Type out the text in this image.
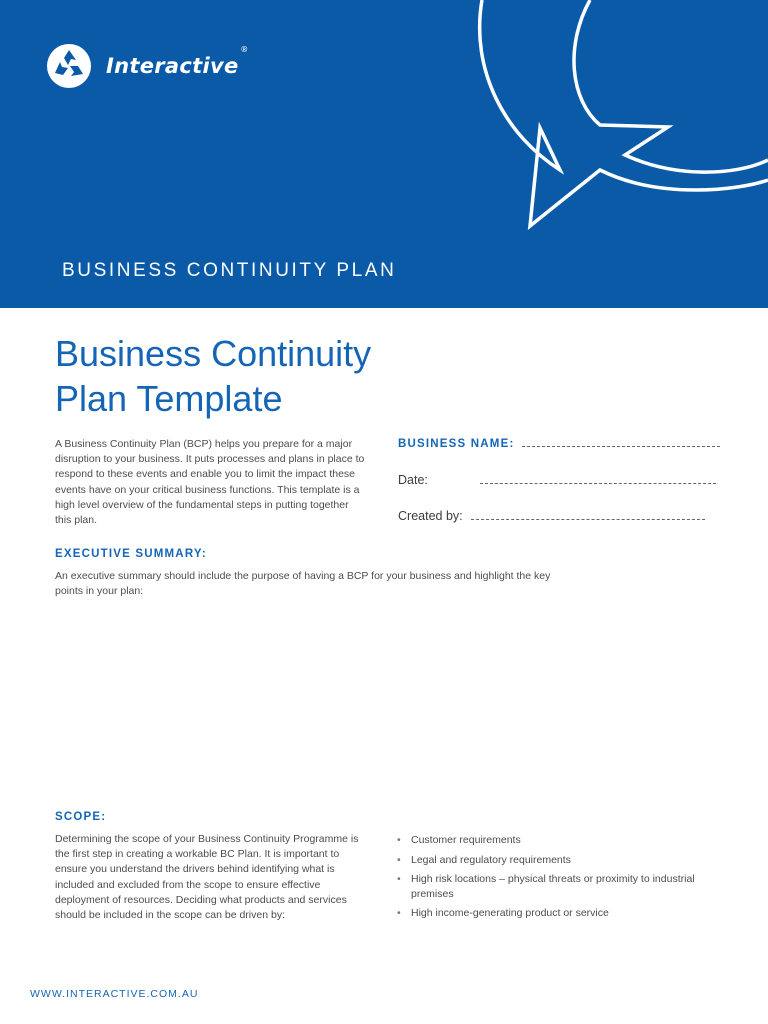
Interactive
®
BUSINESS CONTINUITY PLAN
Business Continuity
Plan Template

A Business Continuity Plan (BCP) helps you prepare for a major disruption to your business. It puts processes and plans in place to respond to these events and enable you to limit the impact these events have on your critical business functions. This template is a high level overview of the fundamental steps in putting together this plan.

BUSINESS NAME:
Date:
Created by:
EXECUTIVE SUMMARY:

An executive summary should include the purpose of having a BCP for your business and highlight the key points in your plan:

SCOPE:

Determining the scope of your Business Continuity Programme is the first step in creating a workable BC Plan. It is important to ensure you understand the drivers behind identifying what is included and excluded from the scope to ensure effective deployment of resources. Deciding what products and services should be included in the scope can be driven by:

• Customer requirements
• Legal and regulatory requirements
• High risk locations – physical threats or proximity to industrial premises
• High income-generating product or service
WWW.INTERACTIVE.COM.AU
